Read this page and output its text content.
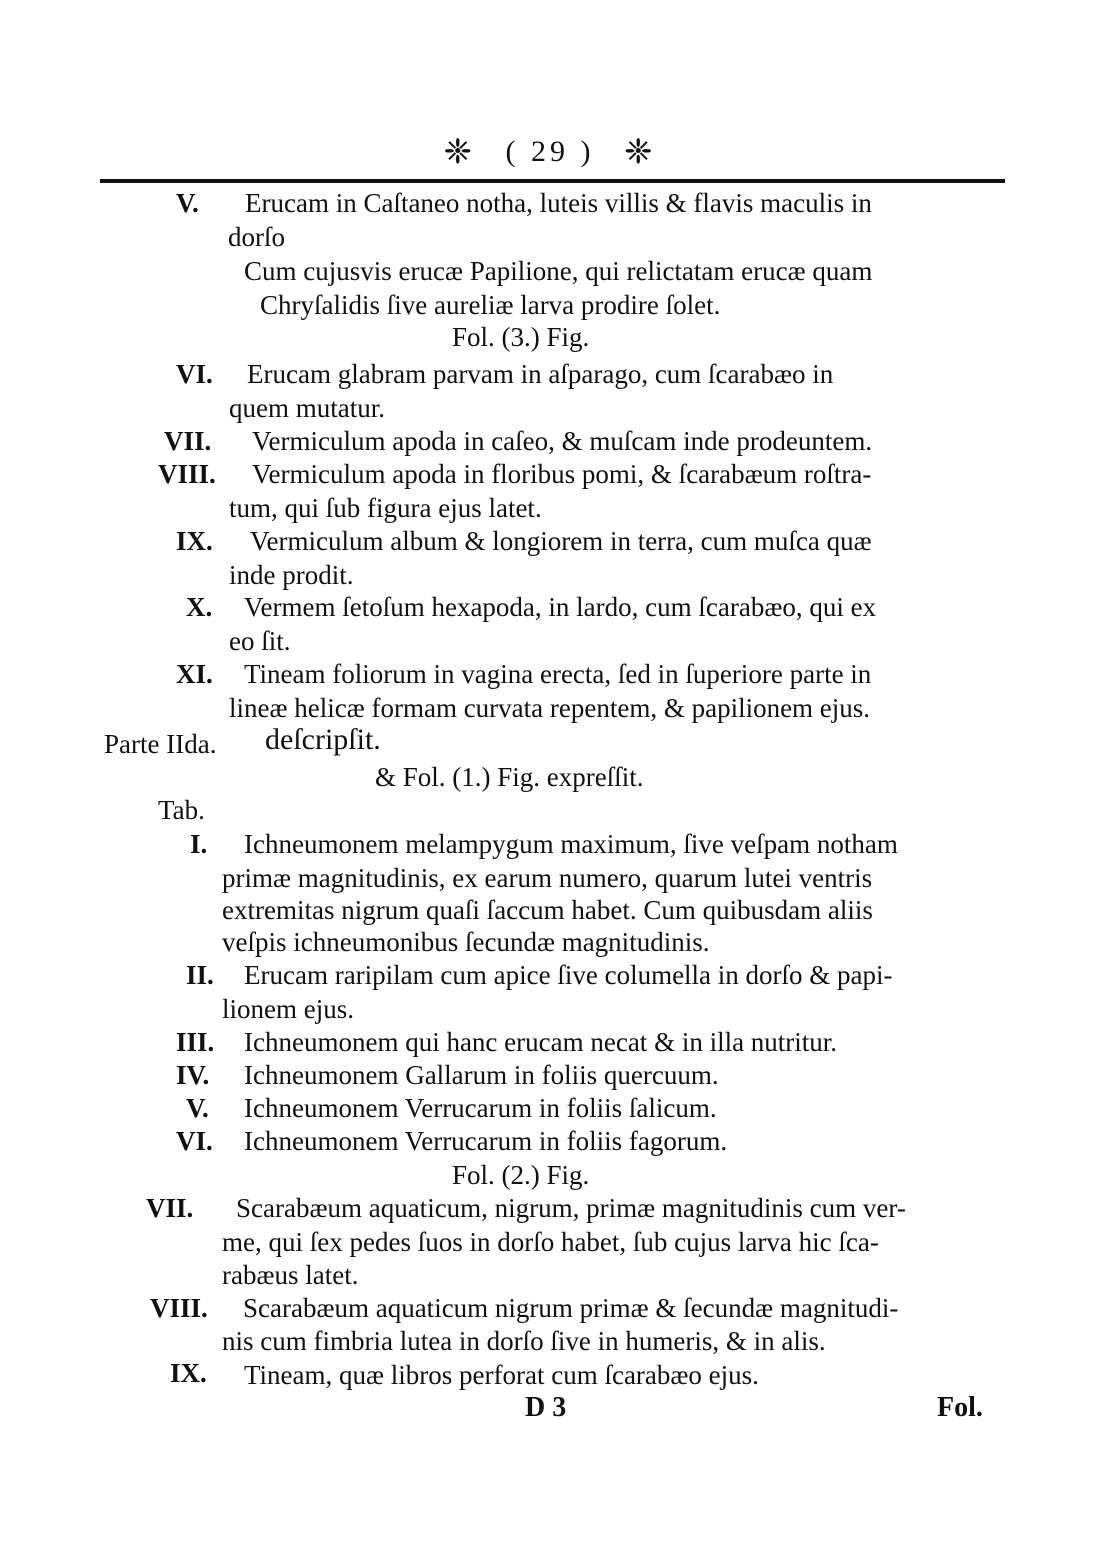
❈ ( 29 ) ❈
V. Erucam in Caſtaneo notha, luteis villis & flavis maculis in
dorſo
Cum cujusvis erucæ Papilione, qui relictatam erucæ quam
Chryſalidis ſive aureliæ larva prodire ſolet.
Fol. (3.) Fig.
VI. Erucam glabram parvam in aſparago, cum ſcarabæo in
quem mutatur.
VII. Vermiculum apoda in caſeo, & muſcam inde prodeuntem.
VIII. Vermiculum apoda in floribus pomi, & ſcarabæum roſtra-
tum, qui ſub figura ejus latet.
IX. Vermiculum album & longiorem in terra, cum muſca quæ
inde prodit.
X. Vermem ſetoſum hexapoda, in lardo, cum ſcarabæo, qui ex
eo ſit.
XI. Tineam foliorum in vagina erecta, ſed in ſuperiore parte in
lineæ helicæ formam curvata repentem, & papilionem ejus.
Parte IIda. deſcripſit.
& Fol. (1.) Fig. expreſſit.
Tab.
I. Ichneumonem melampygum maximum, ſive veſpam notham
primæ magnitudinis, ex earum numero, quarum lutei ventris
extremitas nigrum quaſi ſaccum habet. Cum quibusdam aliis
veſpis ichneumonibus ſecundæ magnitudinis.
II. Erucam raripilam cum apice ſive columella in dorſo & papi-
lionem ejus.
III. Ichneumonem qui hanc erucam necat & in illa nutritur.
IV. Ichneumonem Gallarum in foliis quercuum.
V. Ichneumonem Verrucarum in foliis ſalicum.
VI. Ichneumonem Verrucarum in foliis fagorum.
Fol. (2.) Fig.
VII. Scarabæum aquaticum, nigrum, primæ magnitudinis cum ver-
me, qui ſex pedes ſuos in dorſo habet, ſub cujus larva hic ſca-
rabæus latet.
VIII. Scarabæum aquaticum nigrum primæ & ſecundæ magnitudi-
nis cum fimbria lutea in dorſo ſive in humeris, & in alis.
IX. Tineam, quæ libros perforat cum ſcarabæo ejus.
D 3	Fol.
